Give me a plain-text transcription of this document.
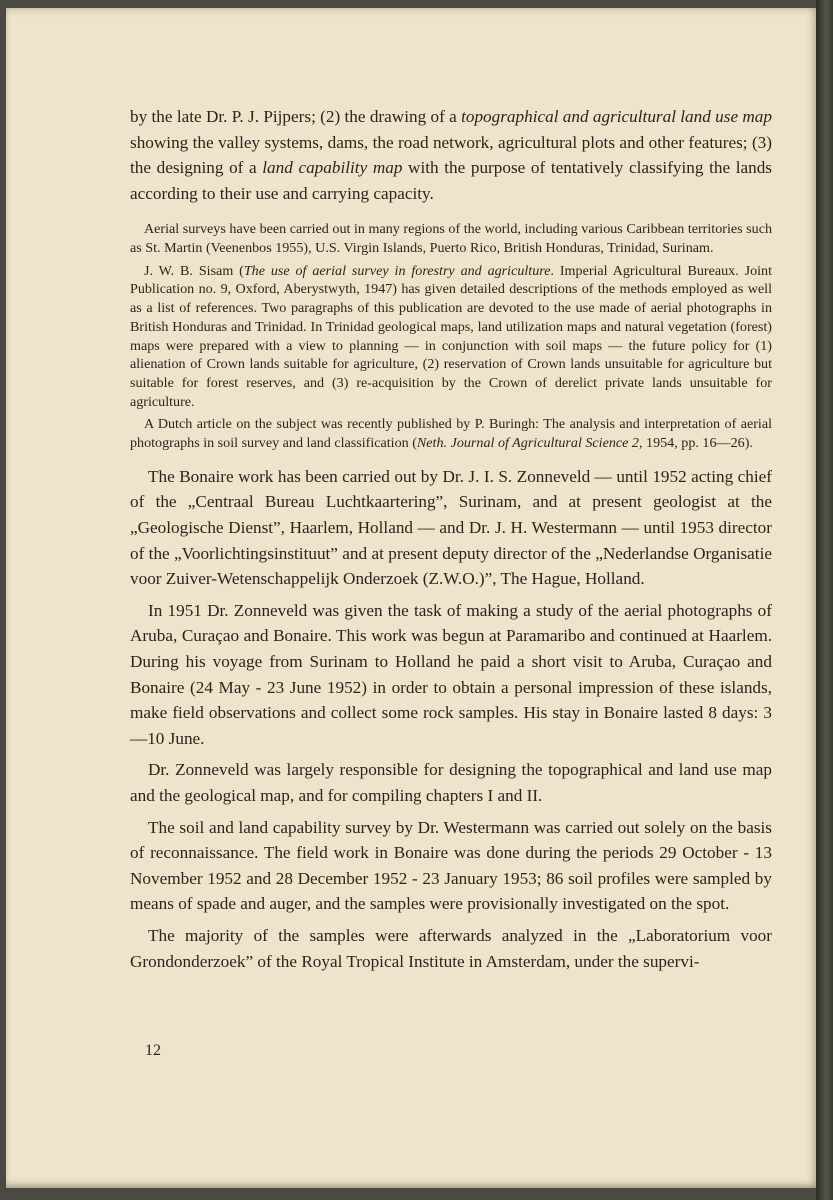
by the late Dr. P. J. Pijpers; (2) the drawing of a topographical and agricultural land use map showing the valley systems, dams, the road network, agricultural plots and other features; (3) the designing of a land capability map with the purpose of tentatively classifying the lands according to their use and carrying capacity.

Aerial surveys have been carried out in many regions of the world, including various Caribbean territories such as St. Martin (Veenenbos 1955), U.S. Virgin Islands, Puerto Rico, British Honduras, Trinidad, Surinam.

J. W. B. Sisam (The use of aerial survey in forestry and agriculture. Imperial Agricultural Bureaux. Joint Publication no. 9, Oxford, Aberystwyth, 1947) has given detailed descriptions of the methods employed as well as a list of references. Two paragraphs of this publication are devoted to the use made of aerial photographs in British Honduras and Trinidad. In Trinidad geological maps, land utilization maps and natural vegetation (forest) maps were prepared with a view to planning — in conjunction with soil maps — the future policy for (1) alienation of Crown lands suitable for agriculture, (2) reservation of Crown lands unsuitable for agriculture but suitable for forest reserves, and (3) re-acquisition by the Crown of derelict private lands unsuitable for agriculture.

A Dutch article on the subject was recently published by P. Buringh: The analysis and interpretation of aerial photographs in soil survey and land classification (Neth. Journal of Agricultural Science 2, 1954, pp. 16—26).

The Bonaire work has been carried out by Dr. J. I. S. Zonneveld — until 1952 acting chief of the „Centraal Bureau Luchtkaartering”, Surinam, and at present geologist at the „Geologische Dienst”, Haarlem, Holland — and Dr. J. H. Westermann — until 1953 director of the „Voorlichtingsinstituut” and at present deputy director of the „Nederlandse Organisatie voor Zuiver-Wetenschappelijk Onderzoek (Z.W.O.)”, The Hague, Holland.

In 1951 Dr. Zonneveld was given the task of making a study of the aerial photographs of Aruba, Curaçao and Bonaire. This work was begun at Paramaribo and continued at Haarlem. During his voyage from Surinam to Holland he paid a short visit to Aruba, Curaçao and Bonaire (24 May - 23 June 1952) in order to obtain a personal impression of these islands, make field observations and collect some rock samples. His stay in Bonaire lasted 8 days: 3—10 June.

Dr. Zonneveld was largely responsible for designing the topographical and land use map and the geological map, and for compiling chapters I and II.

The soil and land capability survey by Dr. Westermann was carried out solely on the basis of reconnaissance. The field work in Bonaire was done during the periods 29 October - 13 November 1952 and 28 December 1952 - 23 January 1953; 86 soil profiles were sampled by means of spade and auger, and the samples were provisionally investigated on the spot.

The majority of the samples were afterwards analyzed in the „Laboratorium voor Grondonderzoek” of the Royal Tropical Institute in Amsterdam, under the supervi-

12
